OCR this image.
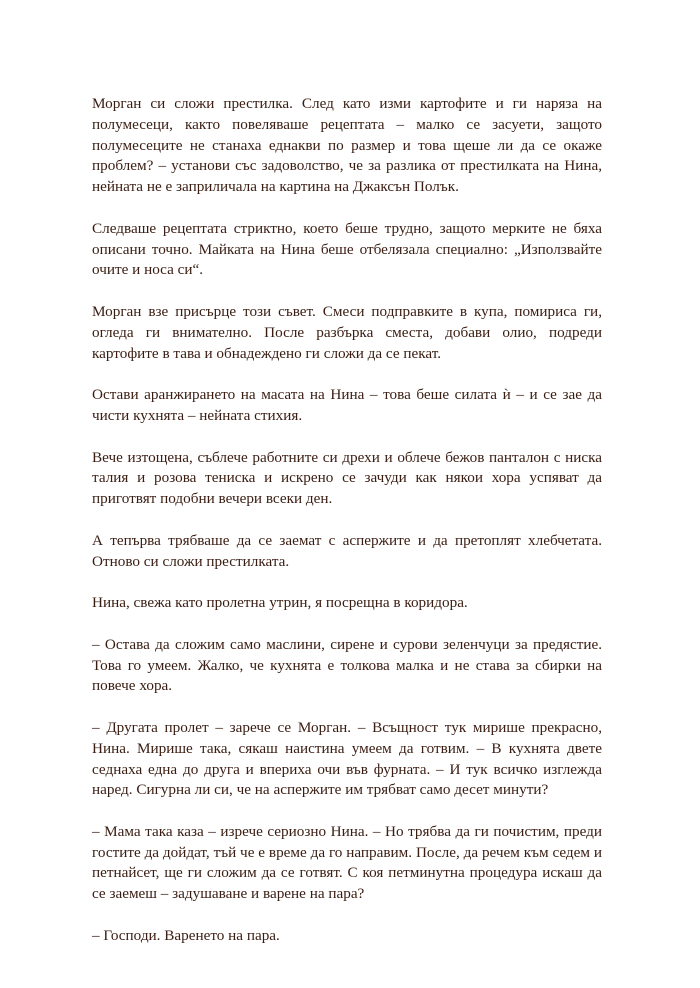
Морган си сложи престилка. След като изми картофите и ги наряза на полумесеци, както повеляваше рецептата – малко се засуети, защото полумесеците не станаха еднакви по размер и това щеше ли да се окаже проблем? – установи със задоволство, че за разлика от престилката на Нина, нейната не е заприличала на картина на Джаксън Полък.

Следваше рецептата стриктно, което беше трудно, защото мерките не бяха описани точно. Майката на Нина беше отбелязала специално: „Използвайте очите и носа си“.

Морган взе присърце този съвет. Смеси подправките в купа, помириса ги, огледа ги внимателно. После разбърка сместа, добави олио, подреди картофите в тава и обнадеждено ги сложи да се пекат.

Остави аранжирането на масата на Нина – това беше силата ѝ – и се зае да чисти кухнята – нейната стихия.

Вече изтощена, съблече работните си дрехи и облече бежов панталон с ниска талия и розова тениска и искрено се зачуди как някои хора успяват да приготвят подобни вечери всеки ден.

А тепърва трябваше да се заемат с аспержите и да претоплят хлебчетата. Отново си сложи престилката.

Нина, свежа като пролетна утрин, я посрещна в коридора.

– Остава да сложим само маслини, сирене и сурови зеленчуци за предястие. Това го умеем. Жалко, че кухнята е толкова малка и не става за сбирки на повече хора.

– Другата пролет – зарече се Морган. – Всъщност тук мирише прекрасно, Нина. Мирише така, сякаш наистина умеем да готвим. – В кухнята двете седнаха една до друга и впериха очи във фурната. – И тук всичко изглежда наред. Сигурна ли си, че на аспержите им трябват само десет минути?

– Мама така каза – изрече сериозно Нина. – Но трябва да ги почистим, преди гостите да дойдат, тъй че е време да го направим. После, да речем към седем и петнайсет, ще ги сложим да се готвят. С коя петминутна процедура искаш да се заемеш – задушаване и варене на пара?

– Господи. Варенето на пара.
